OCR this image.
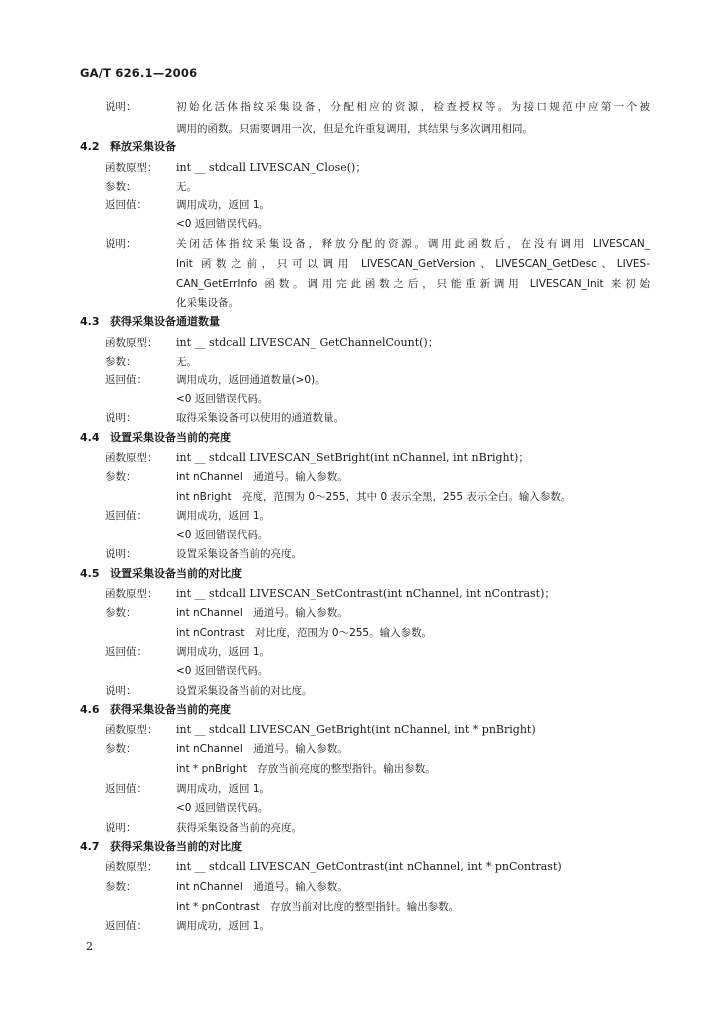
GA/T 626.1—2006
说明：	初始化活体指纹采集设备，分配相应的资源，检查授权等。为接口规范中应第一个被
调用的函数。只需要调用一次，但是允许重复调用，其结果与多次调用相同。
4.2 释放采集设备
函数原型： int __ stdcall LIVESCAN_Close()；
参数：	无。
返回值：	调用成功，返回 1。
<0 返回错误代码。
说明：	关闭活体指纹采集设备，释放分配的资源。调用此函数后，在没有调用 LIVESCAN_
Init 函数之前，只可以调用 LIVESCAN_GetVersion、LIVESCAN_GetDesc、LIVES-
CAN_GetErrInfo 函数。调用完此函数之后，只能重新调用 LIVESCAN_Init 来初始
化采集设备。
4.3 获得采集设备通道数量
函数原型： int __ stdcall LIVESCAN_ GetChannelCount()；
参数：	无。
返回值：	调用成功，返回通道数量(>0)。
<0 返回错误代码。
说明：	取得采集设备可以使用的通道数量。
4.4 设置采集设备当前的亮度
函数原型： int __ stdcall LIVESCAN_SetBright(int nChannel, int nBright)；
参数：	int nChannel　通道号。输入参数。
int nBright　亮度，范围为 0～255，其中 0 表示全黑，255 表示全白。输入参数。
返回值：	调用成功，返回 1。
<0 返回错误代码。
说明：	设置采集设备当前的亮度。
4.5 设置采集设备当前的对比度
函数原型： int __ stdcall LIVESCAN_SetContrast(int nChannel, int nContrast)；
参数：	int nChannel　通道号。输入参数。
int nContrast　对比度，范围为 0～255。输入参数。
返回值：	调用成功，返回 1。
<0 返回错误代码。
说明：	设置采集设备当前的对比度。
4.6 获得采集设备当前的亮度
函数原型： int __ stdcall LIVESCAN_GetBright(int nChannel, int * pnBright)
参数：	int nChannel　通道号。输入参数。
int * pnBright　存放当前亮度的整型指针。输出参数。
返回值：	调用成功，返回 1。
<0 返回错误代码。
说明：	获得采集设备当前的亮度。
4.7 获得采集设备当前的对比度
函数原型： int __ stdcall LIVESCAN_GetContrast(int nChannel, int * pnContrast)
参数：	int nChannel　通道号。输入参数。
int * pnContrast　存放当前对比度的整型指针。输出参数。
返回值：	调用成功，返回 1。
2
